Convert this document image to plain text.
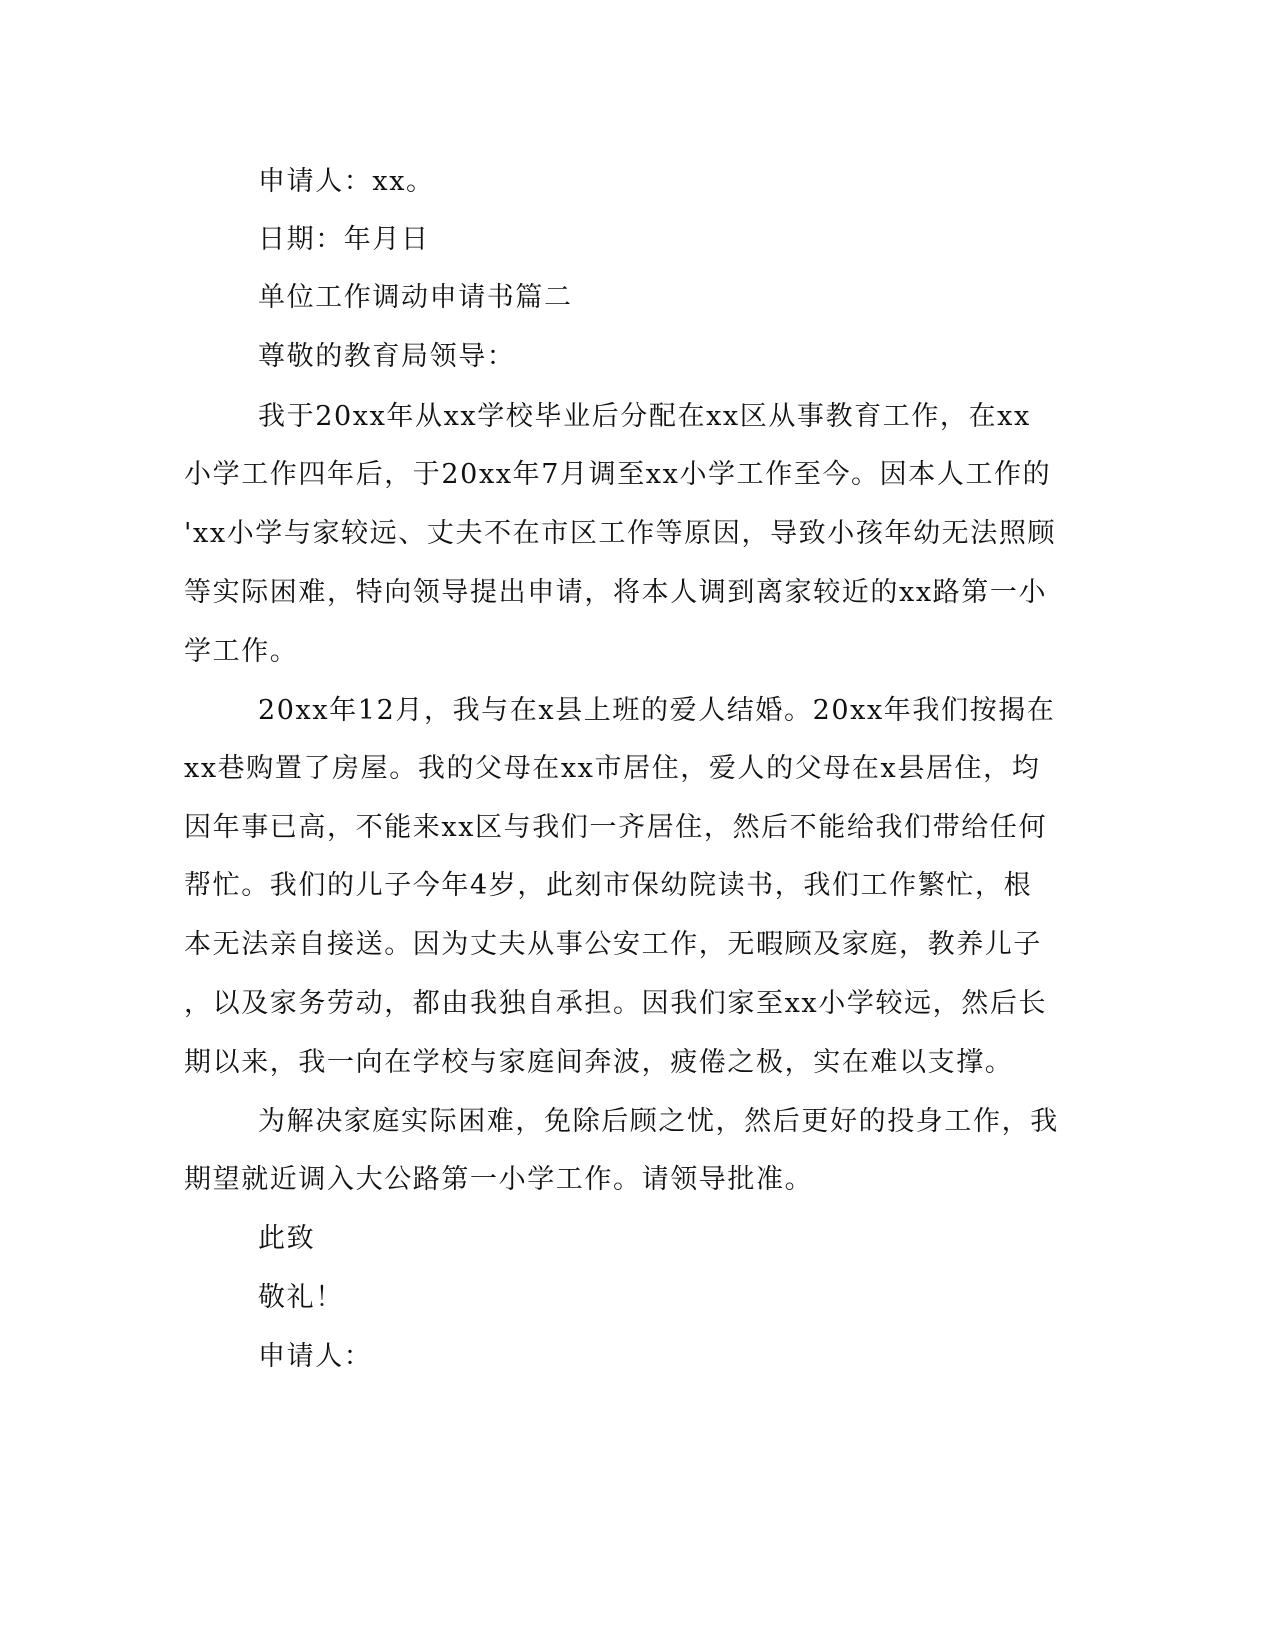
申请人：xx。
日期：年月日
单位工作调动申请书篇二
尊敬的教育局领导：
我于20xx年从xx学校毕业后分配在xx区从事教育工作，在xx
小学工作四年后，于20xx年7月调至xx小学工作至今。因本人工作的
'xx小学与家较远、丈夫不在市区工作等原因，导致小孩年幼无法照顾
等实际困难，特向领导提出申请，将本人调到离家较近的xx路第一小
学工作。
20xx年12月，我与在x县上班的爱人结婚。20xx年我们按揭在
xx巷购置了房屋。我的父母在xx市居住，爱人的父母在x县居住，均
因年事已高，不能来xx区与我们一齐居住，然后不能给我们带给任何
帮忙。我们的儿子今年4岁，此刻市保幼院读书，我们工作繁忙，根
本无法亲自接送。因为丈夫从事公安工作，无暇顾及家庭，教养儿子
，以及家务劳动，都由我独自承担。因我们家至xx小学较远，然后长
期以来，我一向在学校与家庭间奔波，疲倦之极，实在难以支撑。
为解决家庭实际困难，免除后顾之忧，然后更好的投身工作，我
期望就近调入大公路第一小学工作。请领导批准。
此致
敬礼！
申请人：
